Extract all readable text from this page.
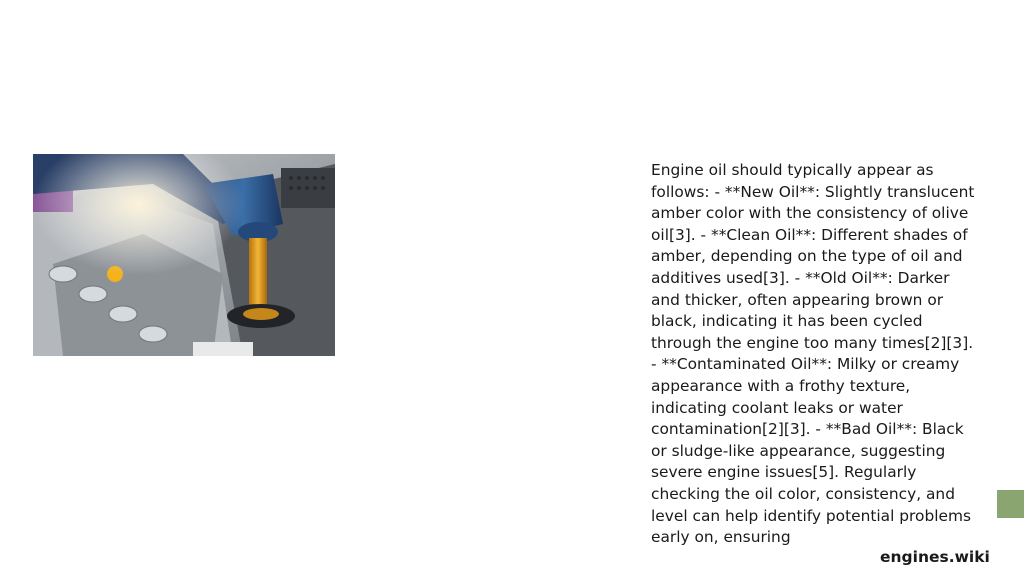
Engine oil should typically appear as follows: - **New Oil**: Slightly translucent amber color with the consistency of olive oil[3]. - **Clean Oil**: Different shades of amber, depending on the type of oil and additives used[3]. - **Old Oil**: Darker and thicker, often appearing brown or black, indicating it has been cycled through the engine too many times[2][3]. - **Contaminated Oil**: Milky or creamy appearance with a frothy texture, indicating coolant leaks or water contamination[2][3]. - **Bad Oil**: Black or sludge-like appearance, suggesting severe engine issues[5]. Regularly checking the oil color, consistency, and level can help identify potential problems early on, ensuring

engines.wiki
